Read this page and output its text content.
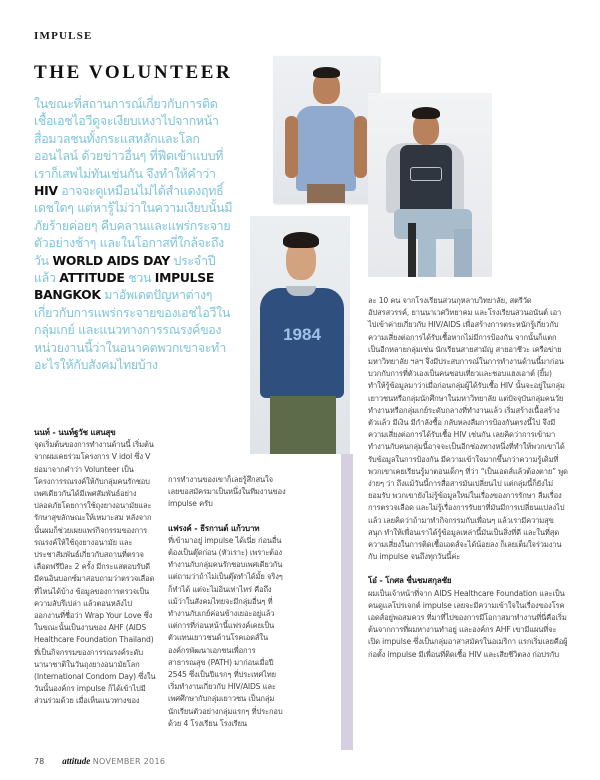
IMPULSE
THE VOLUNTEER
ในขณะที่สถานการณ์เกี่ยวกับการติดเชื้อเอชไอวีดูจะเงียบเหงาไปจากหน้าสื่อมวลชนทั้งกระแสหลักและโลกออนไลน์ ด้วยข่าวอื่นๆ ที่ฟีดเข้าแบบที่เราก็เสพไม่ทันเช่นกัน จึงทำให้คำว่า HIV อาจจะดูเหมือนไม่ได้สำแดงฤทธิ์เดชใดๆ แต่หารู้ไม่ว่าในความเงียบนั้นมีภัยร้ายค่อยๆ คืบคลานและแพร่กระจายตัวอย่างช้าๆ และในโอกาสที่ใกล้จะถึงวัน WORLD AIDS DAY ประจำปีแล้ว ATTITUDE ชวน IMPULSE BANGKOK มาอัพเดตปัญหาต่างๆ เกี่ยวกับการแพร่กระจายของเอชไอวีในกลุ่มเกย์ และแนวทางการรณรงค์ของหน่วยงานนี้ว่าในอนาคตพวกเขาจะทำอะไรให้กับสังคมไทยบ้าง
1984

นนท์ - นนท์ฐวัช แสนสุข
จุดเริ่มต้นของการทำงานด้านนี้ เริ่มต้นจากผมเคยร่วมโครงการ V idol ซึ่ง V ย่อมาจากคำว่า Volunteer เป็นโครงการรณรงค์ให้กับกลุ่มคนรักชอบเพศเดียวกันได้มีเพศสัมพันธ์อย่างปลอดภัยโดยการใช้ถุงยางอนามัยและรักษาสุขลักษณะให้เหมาะสม หลังจากนั้นผมก็ช่วยเผยแพร่กิจกรรมของการรณรงค์ให้ใช้ถุงยางอนามัย และประชาสัมพันธ์เกี่ยวกับสถานที่ตรวจเลือดฟรีปีละ 2 ครั้ง มีกระแสตอบรับดี มีคนอินบอกซ์มาสอบถามว่าตรวจเลือดที่ไหนได้บ้าง ข้อมูลของการตรวจเป็นความลับรึเปล่า แล้วตอนหลังไปออกงานที่ชื่อว่า Wrap Your Love ซึ่งในขณะนั้นเป็นงานของ AHF (AIDS Healthcare Foundation Thailand) ที่เป็นกิจกรรมของการรณรงค์ระดับนานาชาติในวันถุงยางอนามัยโลก (International Condom Day) ซึ่งในวันนั้นองค์กร impulse ก็ได้เข้าไปมีส่วนร่วมด้วย เมื่อเห็นแนวทางของ

การทำงานของเขาก็เลยรู้สึกสนใจ เลยขอสมัครมาเป็นหนึ่งในทีมงานของ impulse ครับ

แฟรงค์ - ธีรกานต์ แก้วบาท
ที่เข้ามาอยู่ impulse ได้เนี่ย ก่อนอื่นต้องเป็นตุ๊ดก่อน (หัวเราะ) เพราะต้องทำงานกับกลุ่มคนรักชอบเพศเดียวกัน แต่ถามว่าถ้าไม่เป็นตุ๊ดทำได้มั้ย จริงๆ ก็ทำได้ แต่จะไม่อินเท่าไหร่ คือถึงแม้ว่าในสังคมไทยจะมีกลุ่มอื่นๆ ที่ทำงานกับเกย์ค่อนข้างเยอะอยู่แล้ว แต่การที่ก่อนหน้านี้แฟรงค์เคยเป็นตัวแทนเยาวชนด้านโรคเอดส์ในองค์กรพัฒนาเอกชนเพื่อการสาธารณสุข (PATH) มาก่อนเมื่อปี 2545 ซึ่งเป็นปีแรกๆ ที่ประเทศไทยเริ่มทำงานเกี่ยวกับ HIV/AIDS และเพศศึกษากับกลุ่มเยาวชน เป็นกลุ่มนักเรียนตัวอย่างกลุ่มแรกๆ ที่ประกอบด้วย 4 โรงเรียน โรงเรียน

ละ 10 คน จากโรงเรียนสวนกุหลาบวิทยาลัย, สตรีวัดอัปสรสวรรค์, ยานนาเวศวิทยาคม และโรงเรียนสวนอนันต์ เอาไปเข้าค่ายเกี่ยวกับ HIV/AIDS เพื่อสร้างการตระหนักรู้เกี่ยวกับความเสี่ยงต่อการได้รับเชื้อหากไม่มีการป้องกัน จากนั้นก็แตกเป็นอีกหลายกลุ่มเช่น นักเรียนสายสามัญ สายอาชีวะ เครือข่ายมหาวิทยาลัย ฯลฯ จึงมีประสบการณ์ในการทำงานด้านนี้มาก่อน บวกกับการที่ตัวเองเป็นคนชอบเที่ยวและชอบแฮงเอาต์ (ยิ้ม) ทำให้รู้ข้อมูลมาว่าเมื่อก่อนกลุ่มผู้ได้รับเชื้อ HIV นั้นจะอยู่ในกลุ่มเยาวชนหรือกลุ่มนักศึกษาในมหาวิทยาลัย แต่ปัจจุบันกลุ่มคนวัยทำงานหรือกลุ่มเกย์ระดับกลางที่ทำงานแล้ว เริ่มสร้างเนื้อสร้างตัวแล้ว มีเงิน มีกำลังซื้อ กลับหลงลืมการป้องกันตรงนี้ไป จึงมีความเสี่ยงต่อการได้รับเชื้อ HIV เช่นกัน เลยคิดว่าการเข้ามาทำงานกับคนกลุ่มนี้อาจจะเป็นอีกช่องทางหนึ่งที่ทำให้พวกเขาได้รับข้อมูลในการป้องกัน มีความเข้าใจมากขึ้นกว่าความรู้เดิมที่พวกเขาเคยเรียนรู้มาตอนเด็กๆ ที่ว่า “เป็นเอดส์แล้วต้องตาย” พูดง่ายๆ ว่า ถึงแม้วันนี้การสื่อสารมันเปลี่ยนไป แต่กลุ่มนี้ก็ยังไม่ยอมรับ พวกเขายังไม่รู้ข้อมูลใหม่ในเรื่องของการรักษา ลืมเรื่องการตรวจเลือด และไม่รู้เรื่องการรับยาที่มันมีการเปลี่ยนแปลงไปแล้ว เลยคิดว่าถ้ามาทำกิจกรรมกับเพื่อนๆ แล้วเรามีความสุข สนุก ทำให้เพื่อนเราได้รู้ข้อมูลเหล่านี้มันเป็นสิ่งที่ดี และในที่สุดความเสี่ยงในการติดเชื้อเอดส์จะได้น้อยลง ก็เลยเต็มใจร่วมงานกับ impulse จนถึงทุกวันนี้ค่ะ

โอ๋ - โกศล ชื่นชมสกุลชัย
ผมเป็นเจ้าหน้าที่จาก AIDS Healthcare Foundation และเป็นคนดูแลโปรเจกต์ impulse เลยจะมีความเข้าใจในเรื่องของโรคเอดส์อยู่พอสมควร ที่มาที่ไปของการมีโอกาสมาทำงานที่นี่คือเริ่มต้นจากการที่ผมหางานทำอยู่ และองค์กร AHF เขามีแผนที่จะเปิด impulse ซึ่งเป็นกลุ่มอาสาสมัครในอเมริกา แรกเริ่มเลยคือผู้ก่อตั้ง impulse มีเพื่อนที่ติดเชื้อ HIV และเสียชีวิตลง ก่อปรกับ

78 attitude NOVEMBER 2016
